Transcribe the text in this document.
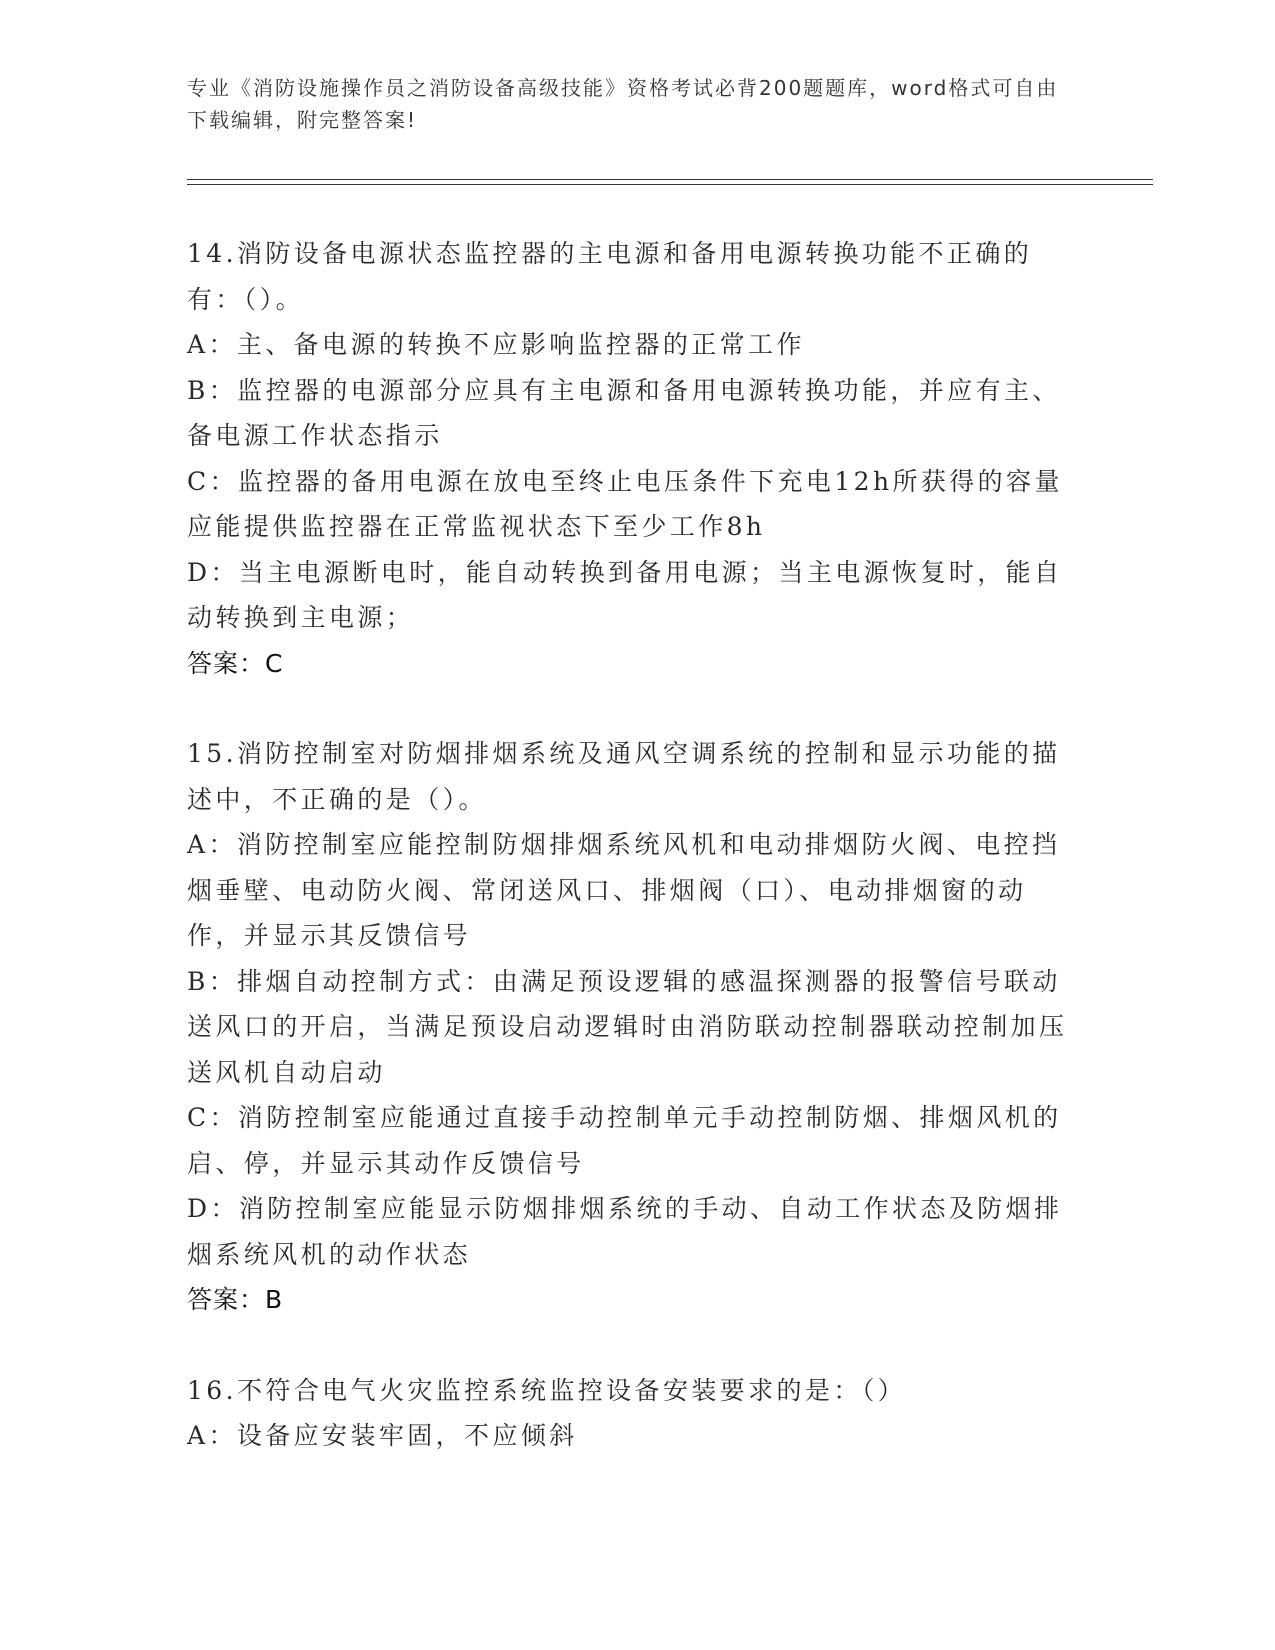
专业《消防设施操作员之消防设备高级技能》资格考试必背200题题库，word格式可自由下载编辑，附完整答案!

14.消防设备电源状态监控器的主电源和备用电源转换功能不正确的有：（）。

A：主、备电源的转换不应影响监控器的正常工作

B：监控器的电源部分应具有主电源和备用电源转换功能，并应有主、备电源工作状态指示

C：监控器的备用电源在放电至终止电压条件下充电12h所获得的容量应能提供监控器在正常监视状态下至少工作8h

D：当主电源断电时，能自动转换到备用电源；当主电源恢复时，能自动转换到主电源；

答案：C

15.消防控制室对防烟排烟系统及通风空调系统的控制和显示功能的描述中，不正确的是（）。

A：消防控制室应能控制防烟排烟系统风机和电动排烟防火阀、电控挡烟垂壁、电动防火阀、常闭送风口、排烟阀（口）、电动排烟窗的动作，并显示其反馈信号

B：排烟自动控制方式：由满足预设逻辑的感温探测器的报警信号联动送风口的开启，当满足预设启动逻辑时由消防联动控制器联动控制加压送风机自动启动

C：消防控制室应能通过直接手动控制单元手动控制防烟、排烟风机的启、停，并显示其动作反馈信号

D：消防控制室应能显示防烟排烟系统的手动、自动工作状态及防烟排烟系统风机的动作状态

答案：B

16.不符合电气火灾监控系统监控设备安装要求的是：（）

A：设备应安装牢固，不应倾斜
